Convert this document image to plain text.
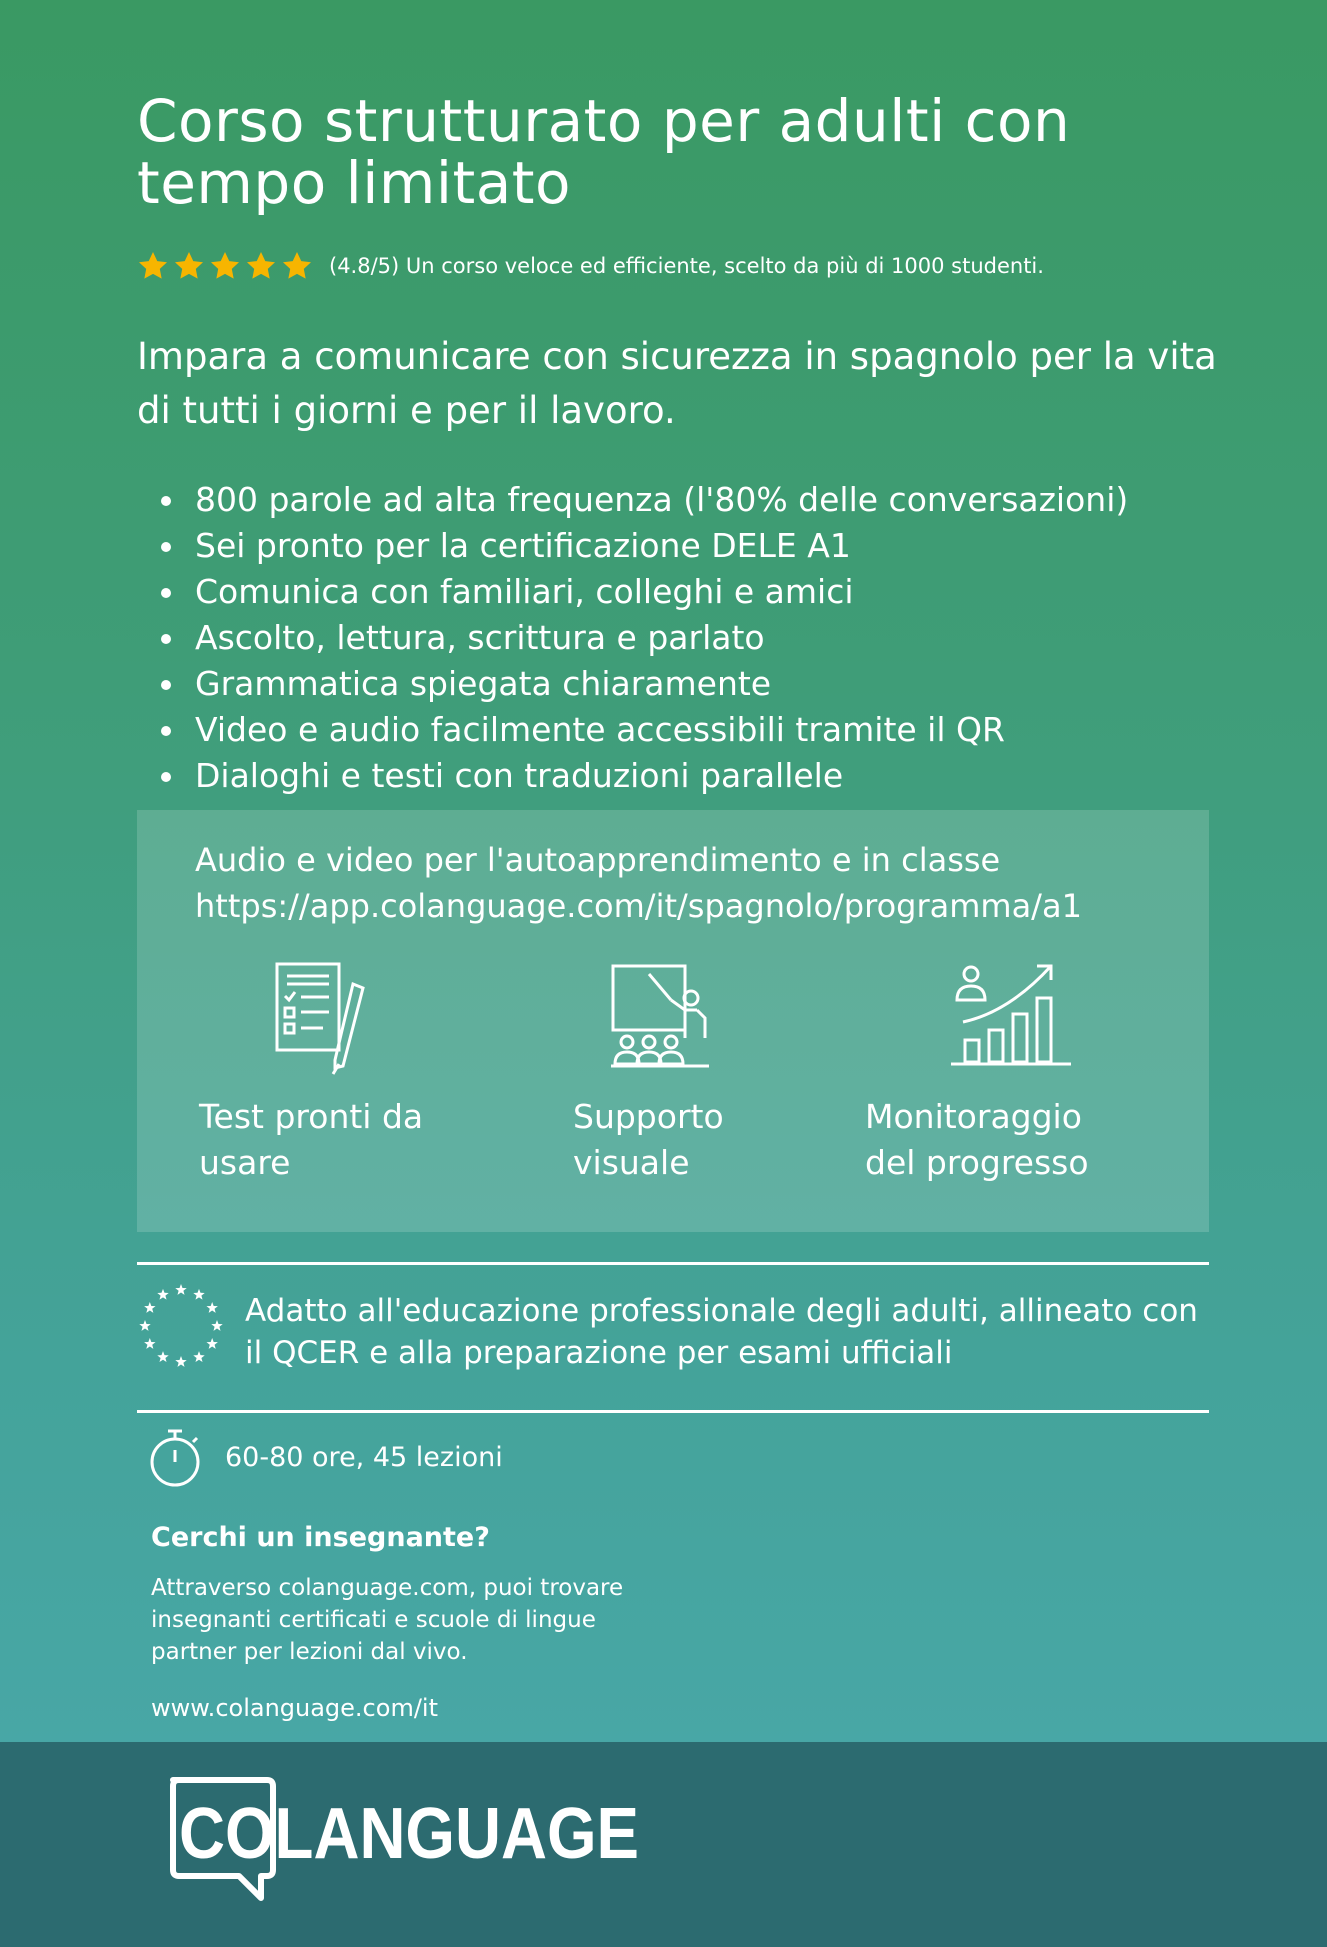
Corso strutturato per adulti con tempo limitato
(4.8/5) Un corso veloce ed efficiente, scelto da più di 1000 studenti.

Impara a comunicare con sicurezza in spagnolo per la vita di tutti i giorni e per il lavoro.

800 parole ad alta frequenza (l'80% delle conversazioni)
Sei pronto per la certificazione DELE A1
Comunica con familiari, colleghi e amici
Ascolto, lettura, scrittura e parlato
Grammatica spiegata chiaramente
Video e audio facilmente accessibili tramite il QR
Dialoghi e testi con traduzioni parallele
Audio e video per l'autoapprendimento e in classe
https://app.colanguage.com/it/spagnolo/programma/a1
Test pronti da usare
Supporto visuale
Monitoraggio del progresso
Adatto all'educazione professionale degli adulti, allineato con il QCER e alla preparazione per esami ufficiali
60-80 ore, 45 lezioni
Cerchi un insegnante?
Attraverso colanguage.com, puoi trovare insegnanti certificati e scuole di lingue partner per lezioni dal vivo.
www.colanguage.com/it
COLANGUAGE
